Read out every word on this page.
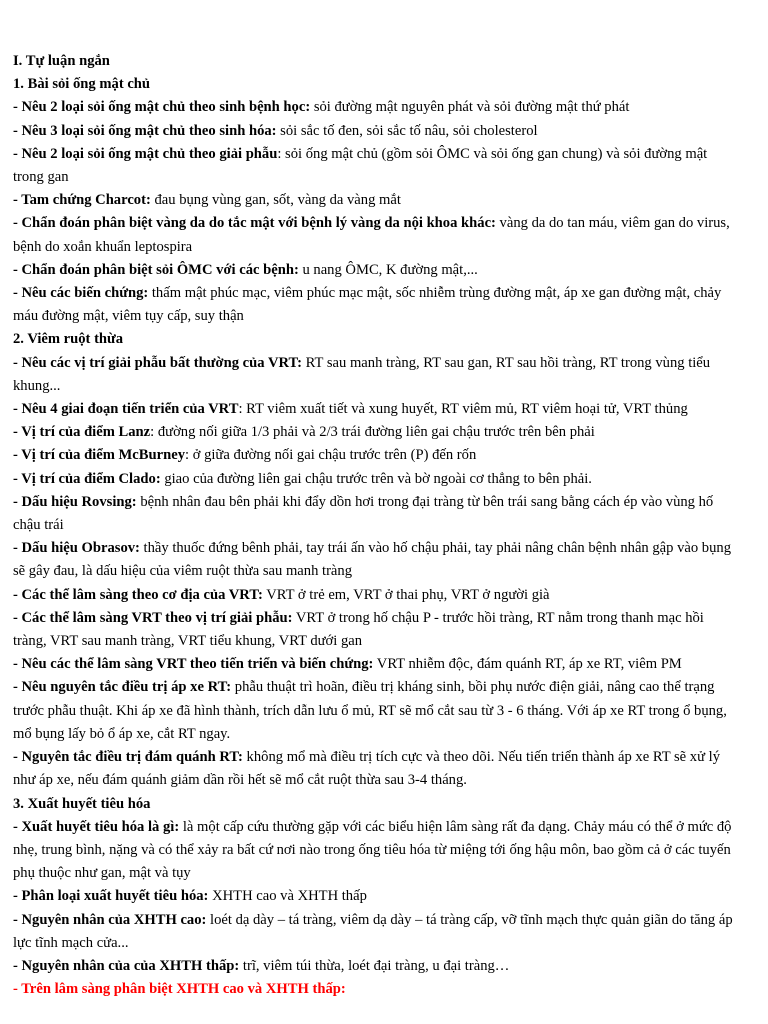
I. Tự luận ngắn
1. Bài sỏi ống mật chủ
- Nêu 2 loại sỏi ống mật chủ theo sinh bệnh học: sỏi đường mật nguyên phát và sỏi đường mật thứ phát
- Nêu 3 loại sỏi ống mật chủ theo sinh hóa: sỏi sắc tố đen, sỏi sắc tố nâu, sỏi cholesterol
- Nêu 2 loại sỏi ống mật chủ theo giải phẫu: sỏi ống mật chủ (gồm sỏi ÔMC và sỏi ống gan chung) và sỏi đường mật trong gan
- Tam chứng Charcot: đau bụng vùng gan, sốt, vàng da vàng mắt
- Chẩn đoán phân biệt vàng da do tắc mật với bệnh lý vàng da nội khoa khác: vàng da do tan máu, viêm gan do virus, bệnh do xoắn khuẩn leptospira
- Chẩn đoán phân biệt sỏi ÔMC với các bệnh: u nang ÔMC, K đường mật,...
- Nêu các biến chứng: thấm mật phúc mạc, viêm phúc mạc mật, sốc nhiễm trùng đường mật, áp xe gan đường mật, chảy máu đường mật, viêm tụy cấp, suy thận
2. Viêm ruột thừa
- Nêu các vị trí giải phẫu bất thường của VRT: RT sau manh tràng, RT sau gan, RT sau hồi tràng, RT trong vùng tiểu khung...
- Nêu 4 giai đoạn tiến triển của VRT: RT viêm xuất tiết và xung huyết, RT viêm mủ, RT viêm hoại tử, VRT thủng
- Vị trí của điểm Lanz: đường nối giữa 1/3 phải và 2/3 trái đường liên gai chậu trước trên bên phải
- Vị trí của điểm McBurney: ở giữa đường nối gai chậu trước trên (P) đến rốn
- Vị trí của điểm Clado: giao của đường liên gai chậu trước trên và bờ ngoài cơ thẳng to bên phải.
- Dấu hiệu Rovsing: bệnh nhân đau bên phải khi đẩy dồn hơi trong đại tràng từ bên trái sang bằng cách ép vào vùng hố chậu trái
- Dấu hiệu Obrasov: thầy thuốc đứng bênh phải, tay trái ấn vào hố chậu phải, tay phải nâng chân bệnh nhân gập vào bụng sẽ gây đau, là dấu hiệu của viêm ruột thừa sau manh tràng
- Các thể lâm sàng theo cơ địa của VRT: VRT ở trẻ em, VRT ở thai phụ, VRT ở người già
- Các thể lâm sàng VRT theo vị trí giải phẫu: VRT ở trong hố chậu P - trước hồi tràng, RT nằm trong thanh mạc hồi tràng, VRT sau manh tràng, VRT tiểu khung, VRT dưới gan
- Nêu các thể lâm sàng VRT theo tiến triển và biến chứng: VRT nhiễm độc, đám quánh RT, áp xe RT, viêm PM
- Nêu nguyên tắc điều trị áp xe RT: phẫu thuật trì hoãn, điều trị kháng sinh, bồi phụ nước điện giải, nâng cao thể trạng trước phẫu thuật. Khi áp xe đã hình thành, trích dẫn lưu ổ mủ, RT sẽ mổ cắt sau từ 3 - 6 tháng. Với áp xe RT trong ổ bụng, mổ bụng lấy bỏ ổ áp xe, cắt RT ngay.
- Nguyên tắc điều trị đám quánh RT: không mổ mà điều trị tích cực và theo dõi. Nếu tiến triển thành áp xe RT sẽ xử lý như áp xe, nếu đám quánh giảm dần rồi hết sẽ mổ cắt ruột thừa sau 3-4 tháng.
3. Xuất huyết tiêu hóa
- Xuất huyết tiêu hóa là gì: là một cấp cứu thường gặp với các biểu hiện lâm sàng rất đa dạng. Chảy máu có thể ở mức độ nhẹ, trung bình, nặng và có thể xảy ra bất cứ nơi nào trong ống tiêu hóa từ miệng tới ống hậu môn, bao gồm cả ở các tuyến phụ thuộc như gan, mật và tụy
- Phân loại xuất huyết tiêu hóa: XHTH cao và XHTH thấp
- Nguyên nhân của XHTH cao: loét dạ dày – tá tràng, viêm dạ dày – tá tràng cấp, vỡ tĩnh mạch thực quản giãn do tăng áp lực tĩnh mạch cửa...
- Nguyên nhân của của XHTH thấp: trĩ, viêm túi thừa, loét đại tràng, u đại tràng…
- Trên lâm sàng phân biệt XHTH cao và XHTH thấp:
